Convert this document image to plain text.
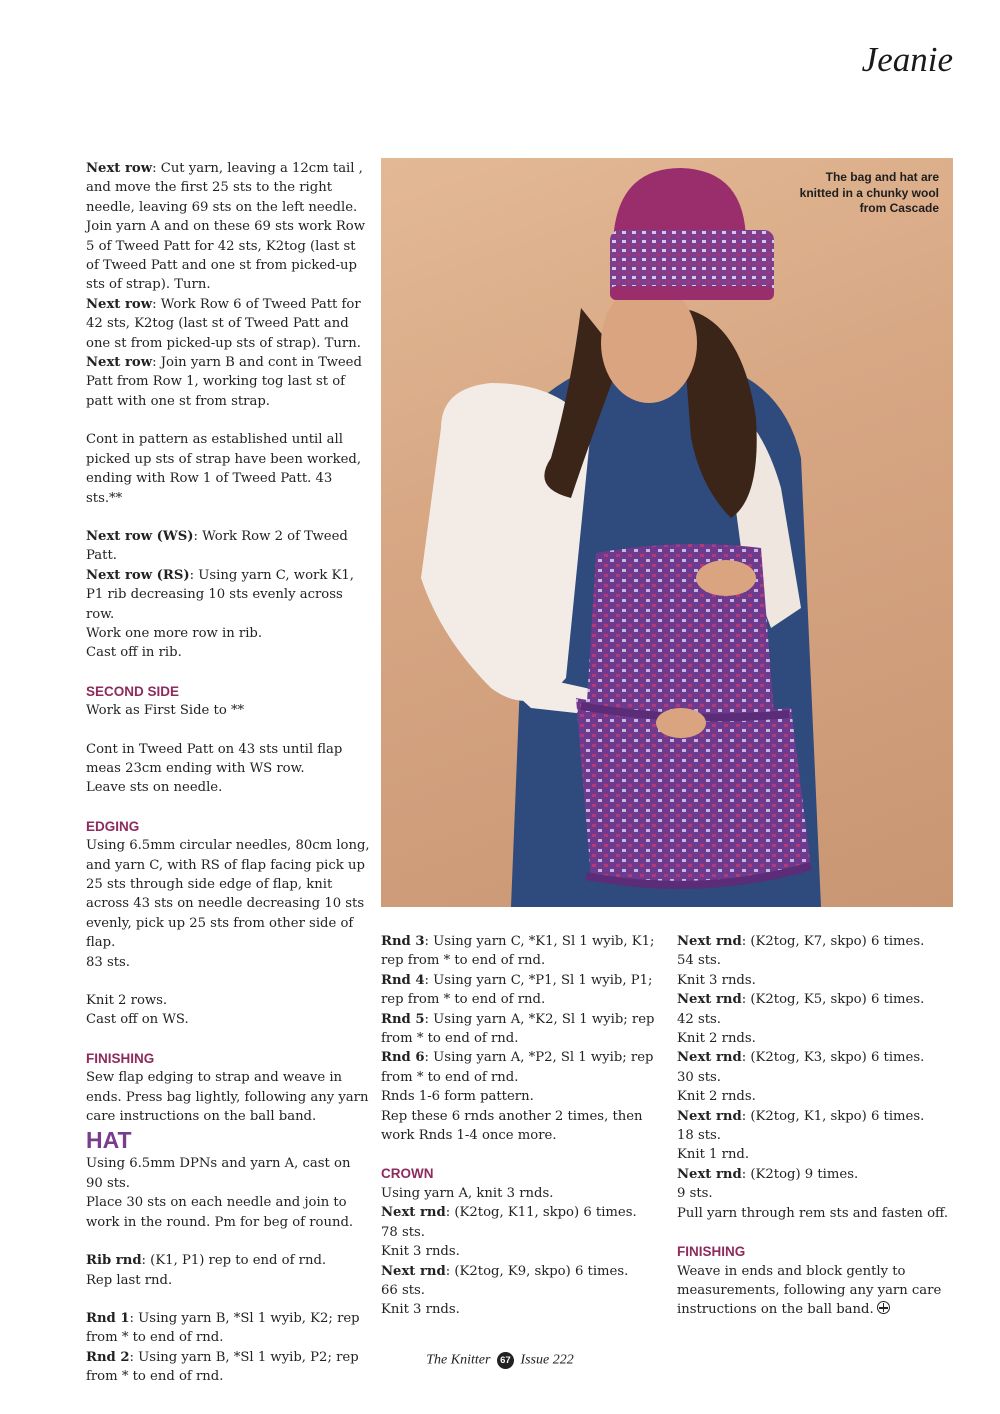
Jeanie

Next row: Cut yarn, leaving a 12cm tail , and move the first 25 sts to the right needle, leaving 69 sts on the left needle.

Join yarn A and on these 69 sts work Row 5 of Tweed Patt for 42 sts, K2tog (last st of Tweed Patt and one st from picked-up sts of strap). Turn.

Next row: Work Row 6 of Tweed Patt for 42 sts, K2tog (last st of Tweed Patt and one st from picked-up sts of strap). Turn.

Next row: Join yarn B and cont in Tweed Patt from Row 1, working tog last st of patt with one st from strap.

Cont in pattern as established until all picked up sts of strap have been worked, ending with Row 1 of Tweed Patt. 43 sts.**

Next row (WS): Work Row 2 of Tweed Patt.

Next row (RS): Using yarn C, work K1, P1 rib decreasing 10 sts evenly across row.

Work one more row in rib.

Cast off in rib.

SECOND SIDE

Work as First Side to **

Cont in Tweed Patt on 43 sts until flap meas 23cm ending with WS row.

Leave sts on needle.

EDGING

Using 6.5mm circular needles, 80cm long, and yarn C, with RS of flap facing pick up 25 sts through side edge of flap, knit across 43 sts on needle decreasing 10 sts evenly, pick up 25 sts from other side of flap.

83 sts.

Knit 2 rows.

Cast off on WS.

FINISHING

Sew flap edging to strap and weave in ends. Press bag lightly, following any yarn care instructions on the ball band.

HAT

Using 6.5mm DPNs and yarn A, cast on 90 sts.

Place 30 sts on each needle and join to work in the round. Pm for beg of round.

Rib rnd: (K1, P1) rep to end of rnd.

Rep last rnd.

Rnd 1: Using yarn B, *Sl 1 wyib, K2; rep from * to end of rnd.

Rnd 2: Using yarn B, *Sl 1 wyib, P2; rep from * to end of rnd.

The bag and hat are knitted in a chunky wool from Cascade

Rnd 3: Using yarn C, *K1, Sl 1 wyib, K1; rep from * to end of rnd.

Rnd 4: Using yarn C, *P1, Sl 1 wyib, P1; rep from * to end of rnd.

Rnd 5: Using yarn A, *K2, Sl 1 wyib; rep from * to end of rnd.

Rnd 6: Using yarn A, *P2, Sl 1 wyib; rep from * to end of rnd.

Rnds 1-6 form pattern.

Rep these 6 rnds another 2 times, then work Rnds 1-4 once more.

CROWN

Using yarn A, knit 3 rnds.

Next rnd: (K2tog, K11, skpo) 6 times.

78 sts.

Knit 3 rnds.

Next rnd: (K2tog, K9, skpo) 6 times.

66 sts.

Knit 3 rnds.

Next rnd: (K2tog, K7, skpo) 6 times.

54 sts.

Knit 3 rnds.

Next rnd: (K2tog, K5, skpo) 6 times.

42 sts.

Knit 2 rnds.

Next rnd: (K2tog, K3, skpo) 6 times.

30 sts.

Knit 2 rnds.

Next rnd: (K2tog, K1, skpo) 6 times.

18 sts.

Knit 1 rnd.

Next rnd: (K2tog) 9 times.

9 sts.

Pull yarn through rem sts and fasten off.

FINISHING

Weave in ends and block gently to measurements, following any yarn care instructions on the ball band.

The Knitter 67 Issue 222
